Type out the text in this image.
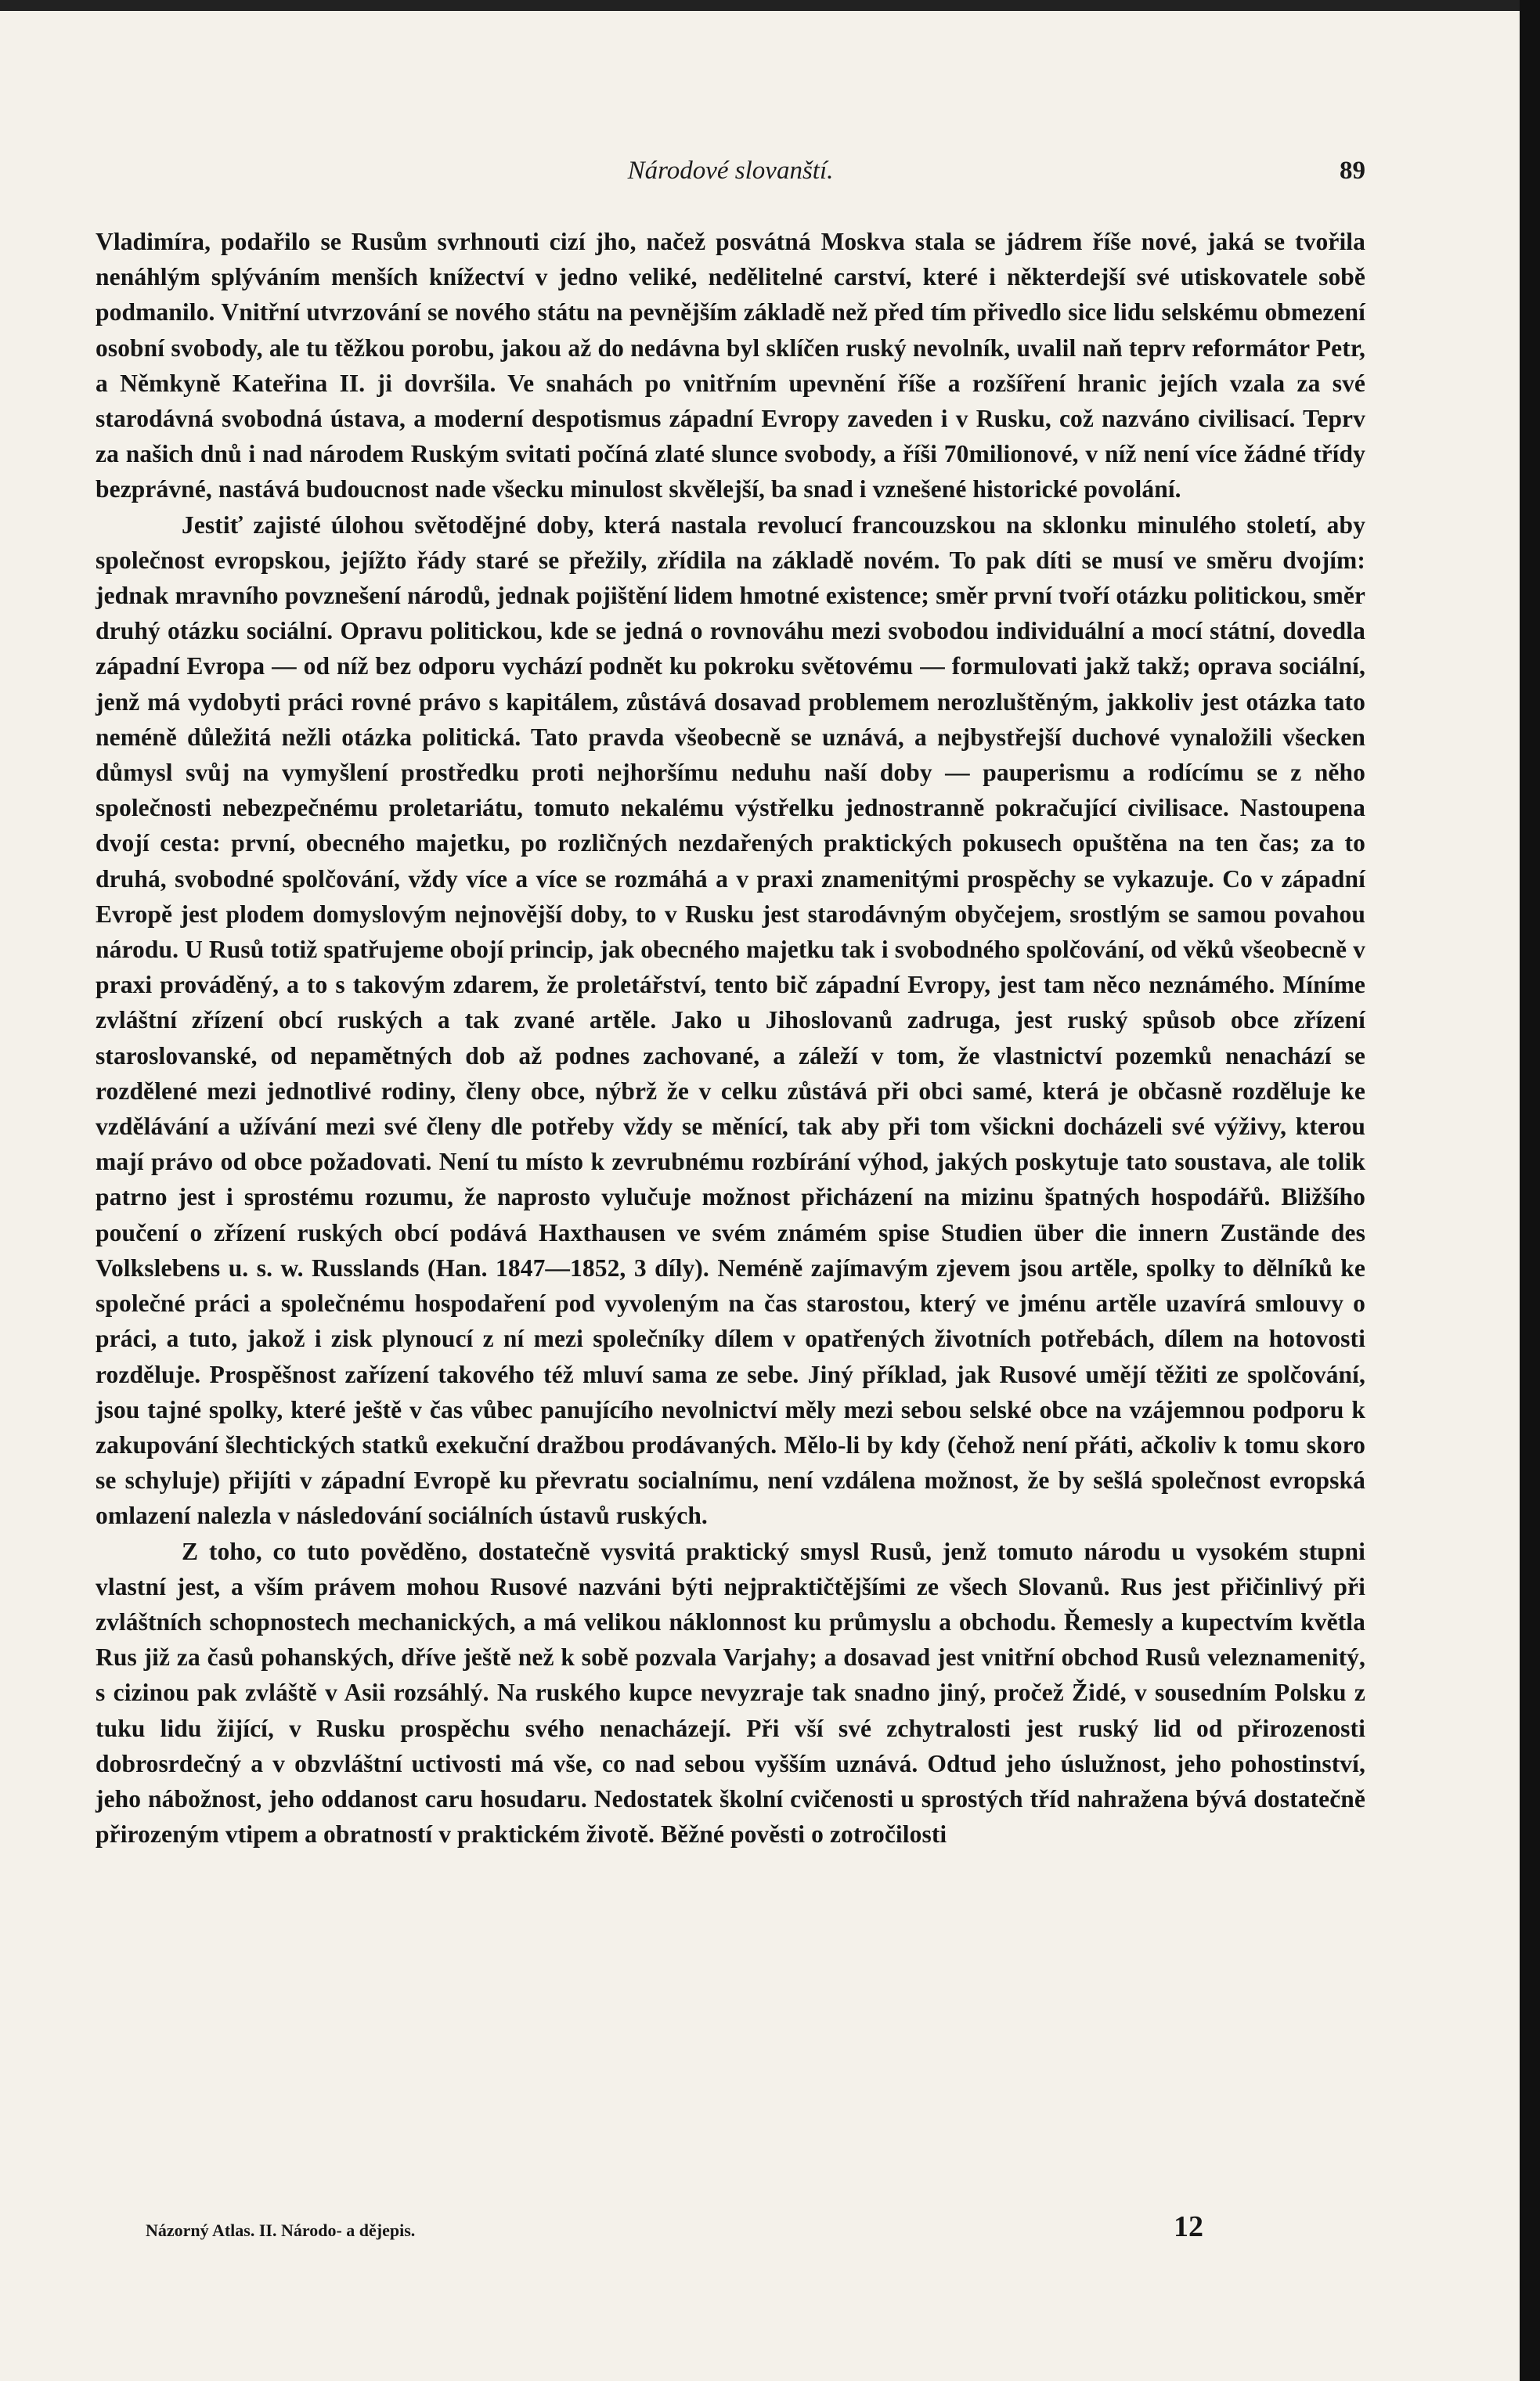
Národové slovanští.	89

Vladimíra, podařilo se Rusům svrhnouti cizí jho, načež posvátná Moskva stala se jádrem říše nové, jaká se tvořila nenáhlým splýváním menších knížectví v jedno veliké, nedělitelné carství, které i některdejší své utiskovatele sobě podmanilo. Vnitřní utvrzování se nového státu na pevnějším základě než před tím přivedlo sice lidu selskému obmezení osobní svobody, ale tu těžkou porobu, jakou až do nedávna byl sklíčen ruský nevolník, uvalil naň teprv reformátor Petr, a Němkyně Kateřina II. ji dovršila. Ve snahách po vnitřním upevnění říše a rozšíření hranic jejích vzala za své starodávná svobodná ústava, a moderní despotismus západní Evropy zaveden i v Rusku, což nazváno civilisací. Teprv za našich dnů i nad národem Ruským svitati počíná zlaté slunce svobody, a říši 70milionové, v níž není více žádné třídy bezprávné, nastává budoucnost nade všecku minulost skvělejší, ba snad i vznešené historické povolání.

Jestiť zajisté úlohou světodějné doby, která nastala revolucí francouzskou na sklonku minulého století, aby společnost evropskou, jejížto řády staré se přežily, zřídila na základě novém. To pak díti se musí ve směru dvojím: jednak mravního povznešení národů, jednak pojištění lidem hmotné existence; směr první tvoří otázku politickou, směr druhý otázku sociální. Opravu politickou, kde se jedná o rovnováhu mezi svobodou individuální a mocí státní, dovedla západní Evropa — od níž bez odporu vychází podnět ku pokroku světovému — formulovati jakž takž; oprava sociální, jenž má vydobyti práci rovné právo s kapitálem, zůstává dosavad problemem nerozluštěným, jakkoliv jest otázka tato neméně důležitá nežli otázka politická. Tato pravda všeobecně se uznává, a nejbystřejší duchové vynaložili všecken důmysl svůj na vymyšlení prostředku proti nejhoršímu neduhu naší doby — pauperismu a rodícímu se z něho společnosti nebezpečnému proletariátu, tomuto nekalému výstřelku jednostranně pokračující civilisace. Nastoupena dvojí cesta: první, obecného majetku, po rozličných nezdařených praktických pokusech opuštěna na ten čas; za to druhá, svobodné spolčování, vždy více a více se rozmáhá a v praxi znamenitými prospěchy se vykazuje. Co v západní Evropě jest plodem domyslovým nejnovější doby, to v Rusku jest starodávným obyčejem, srostlým se samou povahou národu. U Rusů totiž spatřujeme obojí princip, jak obecného majetku tak i svobodného spolčování, od věků všeobecně v praxi prováděný, a to s takovým zdarem, že proletářství, tento bič západní Evropy, jest tam něco neznámého. Míníme zvláštní zřízení obcí ruských a tak zvané artěle. Jako u Jihoslovanů zadruga, jest ruský spůsob obce zřízení staroslovanské, od nepamětných dob až podnes zachované, a záleží v tom, že vlastnictví pozemků nenachází se rozdělené mezi jednotlivé rodiny, členy obce, nýbrž že v celku zůstává při obci samé, která je občasně rozděluje ke vzdělávání a užívání mezi své členy dle potřeby vždy se měnící, tak aby při tom všickni docházeli své výživy, kterou mají právo od obce požadovati. Není tu místo k zevrubnému rozbírání výhod, jakých poskytuje tato soustava, ale tolik patrno jest i sprostému rozumu, že naprosto vylučuje možnost přicházení na mizinu špatných hospodářů. Bližšího poučení o zřízení ruských obcí podává Haxthausen ve svém známém spise Studien über die innern Zustände des Volkslebens u. s. w. Russlands (Han. 1847—1852, 3 díly). Neméně zajímavým zjevem jsou artěle, spolky to dělníků ke společné práci a společnému hospodaření pod vyvoleným na čas starostou, který ve jménu artěle uzavírá smlouvy o práci, a tuto, jakož i zisk plynoucí z ní mezi společníky dílem v opatřených životních potřebách, dílem na hotovosti rozděluje. Prospěšnost zařízení takového též mluví sama ze sebe. Jiný příklad, jak Rusové umějí těžiti ze spolčování, jsou tajné spolky, které ještě v čas vůbec panujícího nevolnictví měly mezi sebou selské obce na vzájemnou podporu k zakupování šlechtických statků exekuční dražbou prodávaných. Mělo-li by kdy (čehož není přáti, ačkoliv k tomu skoro se schyluje) přijíti v západní Evropě ku převratu socialnímu, není vzdálena možnost, že by sešlá společnost evropská omlazení nalezla v následování sociálních ústavů ruských.

Z toho, co tuto pověděno, dostatečně vysvitá praktický smysl Rusů, jenž tomuto národu u vysokém stupni vlastní jest, a vším právem mohou Rusové nazváni býti nejpraktičtějšími ze všech Slovanů. Rus jest přičinlivý při zvláštních schopnostech mechanických, a má velikou náklonnost ku průmyslu a obchodu. Řemesly a kupectvím květla Rus již za časů pohanských, dříve ještě než k sobě pozvala Varjahy; a dosavad jest vnitřní obchod Rusů veleznamenitý, s cizinou pak zvláště v Asii rozsáhlý. Na ruského kupce nevyzraje tak snadno jiný, pročež Židé, v sousedním Polsku z tuku lidu žijící, v Rusku prospěchu svého nenacházejí. Při vší své zchytralosti jest ruský lid od přirozenosti dobrosrdečný a v obzvláštní uctivosti má vše, co nad sebou vyšším uznává. Odtud jeho úslužnost, jeho pohostinství, jeho nábožnost, jeho oddanost caru hosudaru. Nedostatek školní cvičenosti u sprostých tříd nahražena bývá dostatečně přirozeným vtipem a obratností v praktickém životě. Běžné pověsti o zotročilosti

Názorný Atlas. II. Národo- a dějepis.	12
